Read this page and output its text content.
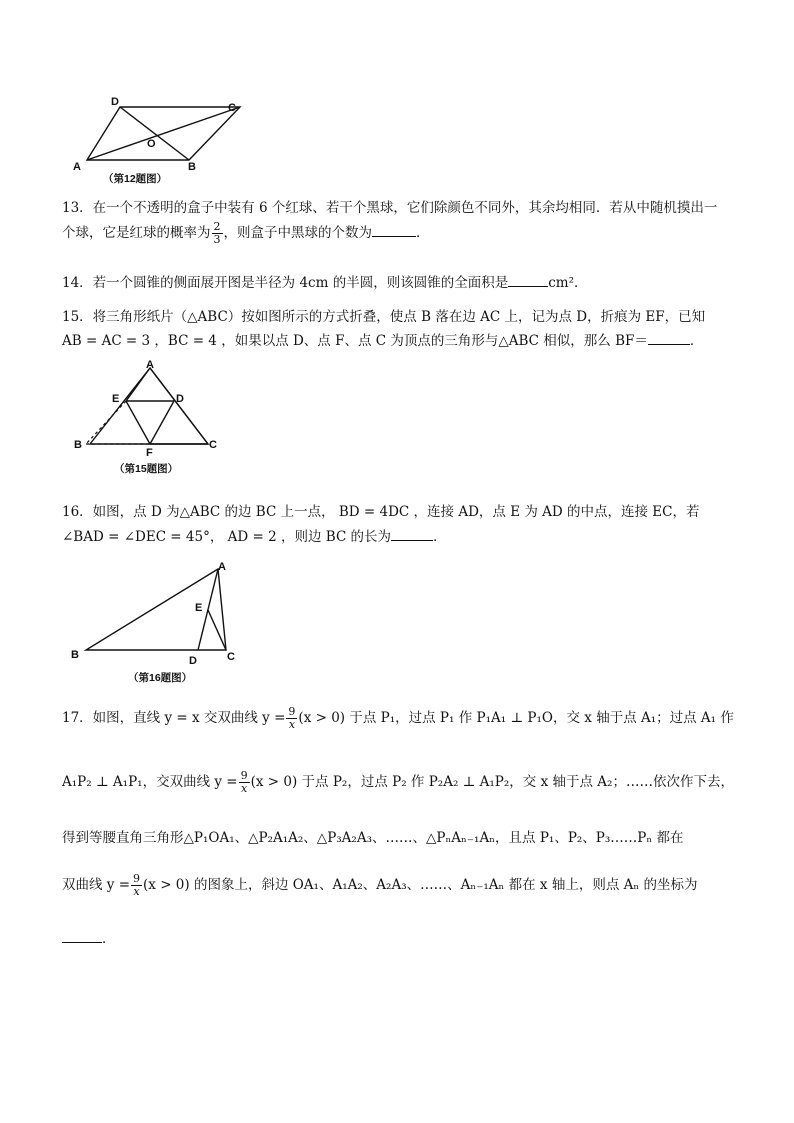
D	C
O
A	B
（第12题图）
13．在一个不透明的盒子中装有 6 个红球、若干个黑球，它们除颜色不同外，其余均相同．若从中随机摸出一
个球，它是红球的概率为 $\frac{2}{3}$ ，则盒子中黑球的个数为	．
14．若一个圆锥的侧面展开图是半径为 4cm 的半圆，则该圆锥的全面积是	cm²．
15．将三角形纸片（△ABC）按如图所示的方式折叠，使点 B 落在边 AC 上，记为点 D，折痕为 EF，已知
AB = AC = 3 ，BC = 4 ，如果以点 D、点 F、点 C 为顶点的三角形与△ABC 相似，那么 BF＝	．
A
E	D
B
F
C
（第15题图）
16．如图，点 D 为△ABC 的边 BC 上一点， BD = 4DC ，连接 AD，点 E 为 AD 的中点，连接 EC，若
∠BAD = ∠DEC = 45°， AD = 2 ，则边 BC 的长为	．
A
E
B	D	C
（第16题图）
17．如图，直线 y = x 交双曲线 $y = \frac{9}{x} (x > 0)$ 于点 P₁，过点 P₁ 作 P₁A₁ ⊥ P₁O，交 x 轴于点 A₁；过点 A₁ 作
A₁P₂ ⊥ A₁P₁，交双曲线 $y = \frac{9}{x} (x > 0)$ 于点 P₂，过点 P₂ 作 P₂A₂ ⊥ A₁P₂，交 x 轴于点 A₂；……依次作下去，
得到等腰直角三角形△P₁OA₁、△P₂A₁A₂、△P₃A₂A₃、……、△PₙAₙ₋₁Aₙ，且点 P₁、P₂、P₃……Pₙ 都在
双曲线 $y = \frac{9}{x} (x > 0)$ 的图象上，斜边 OA₁、A₁A₂、A₂A₃、……、Aₙ₋₁Aₙ 都在 x 轴上，则点 Aₙ 的坐标为
．
